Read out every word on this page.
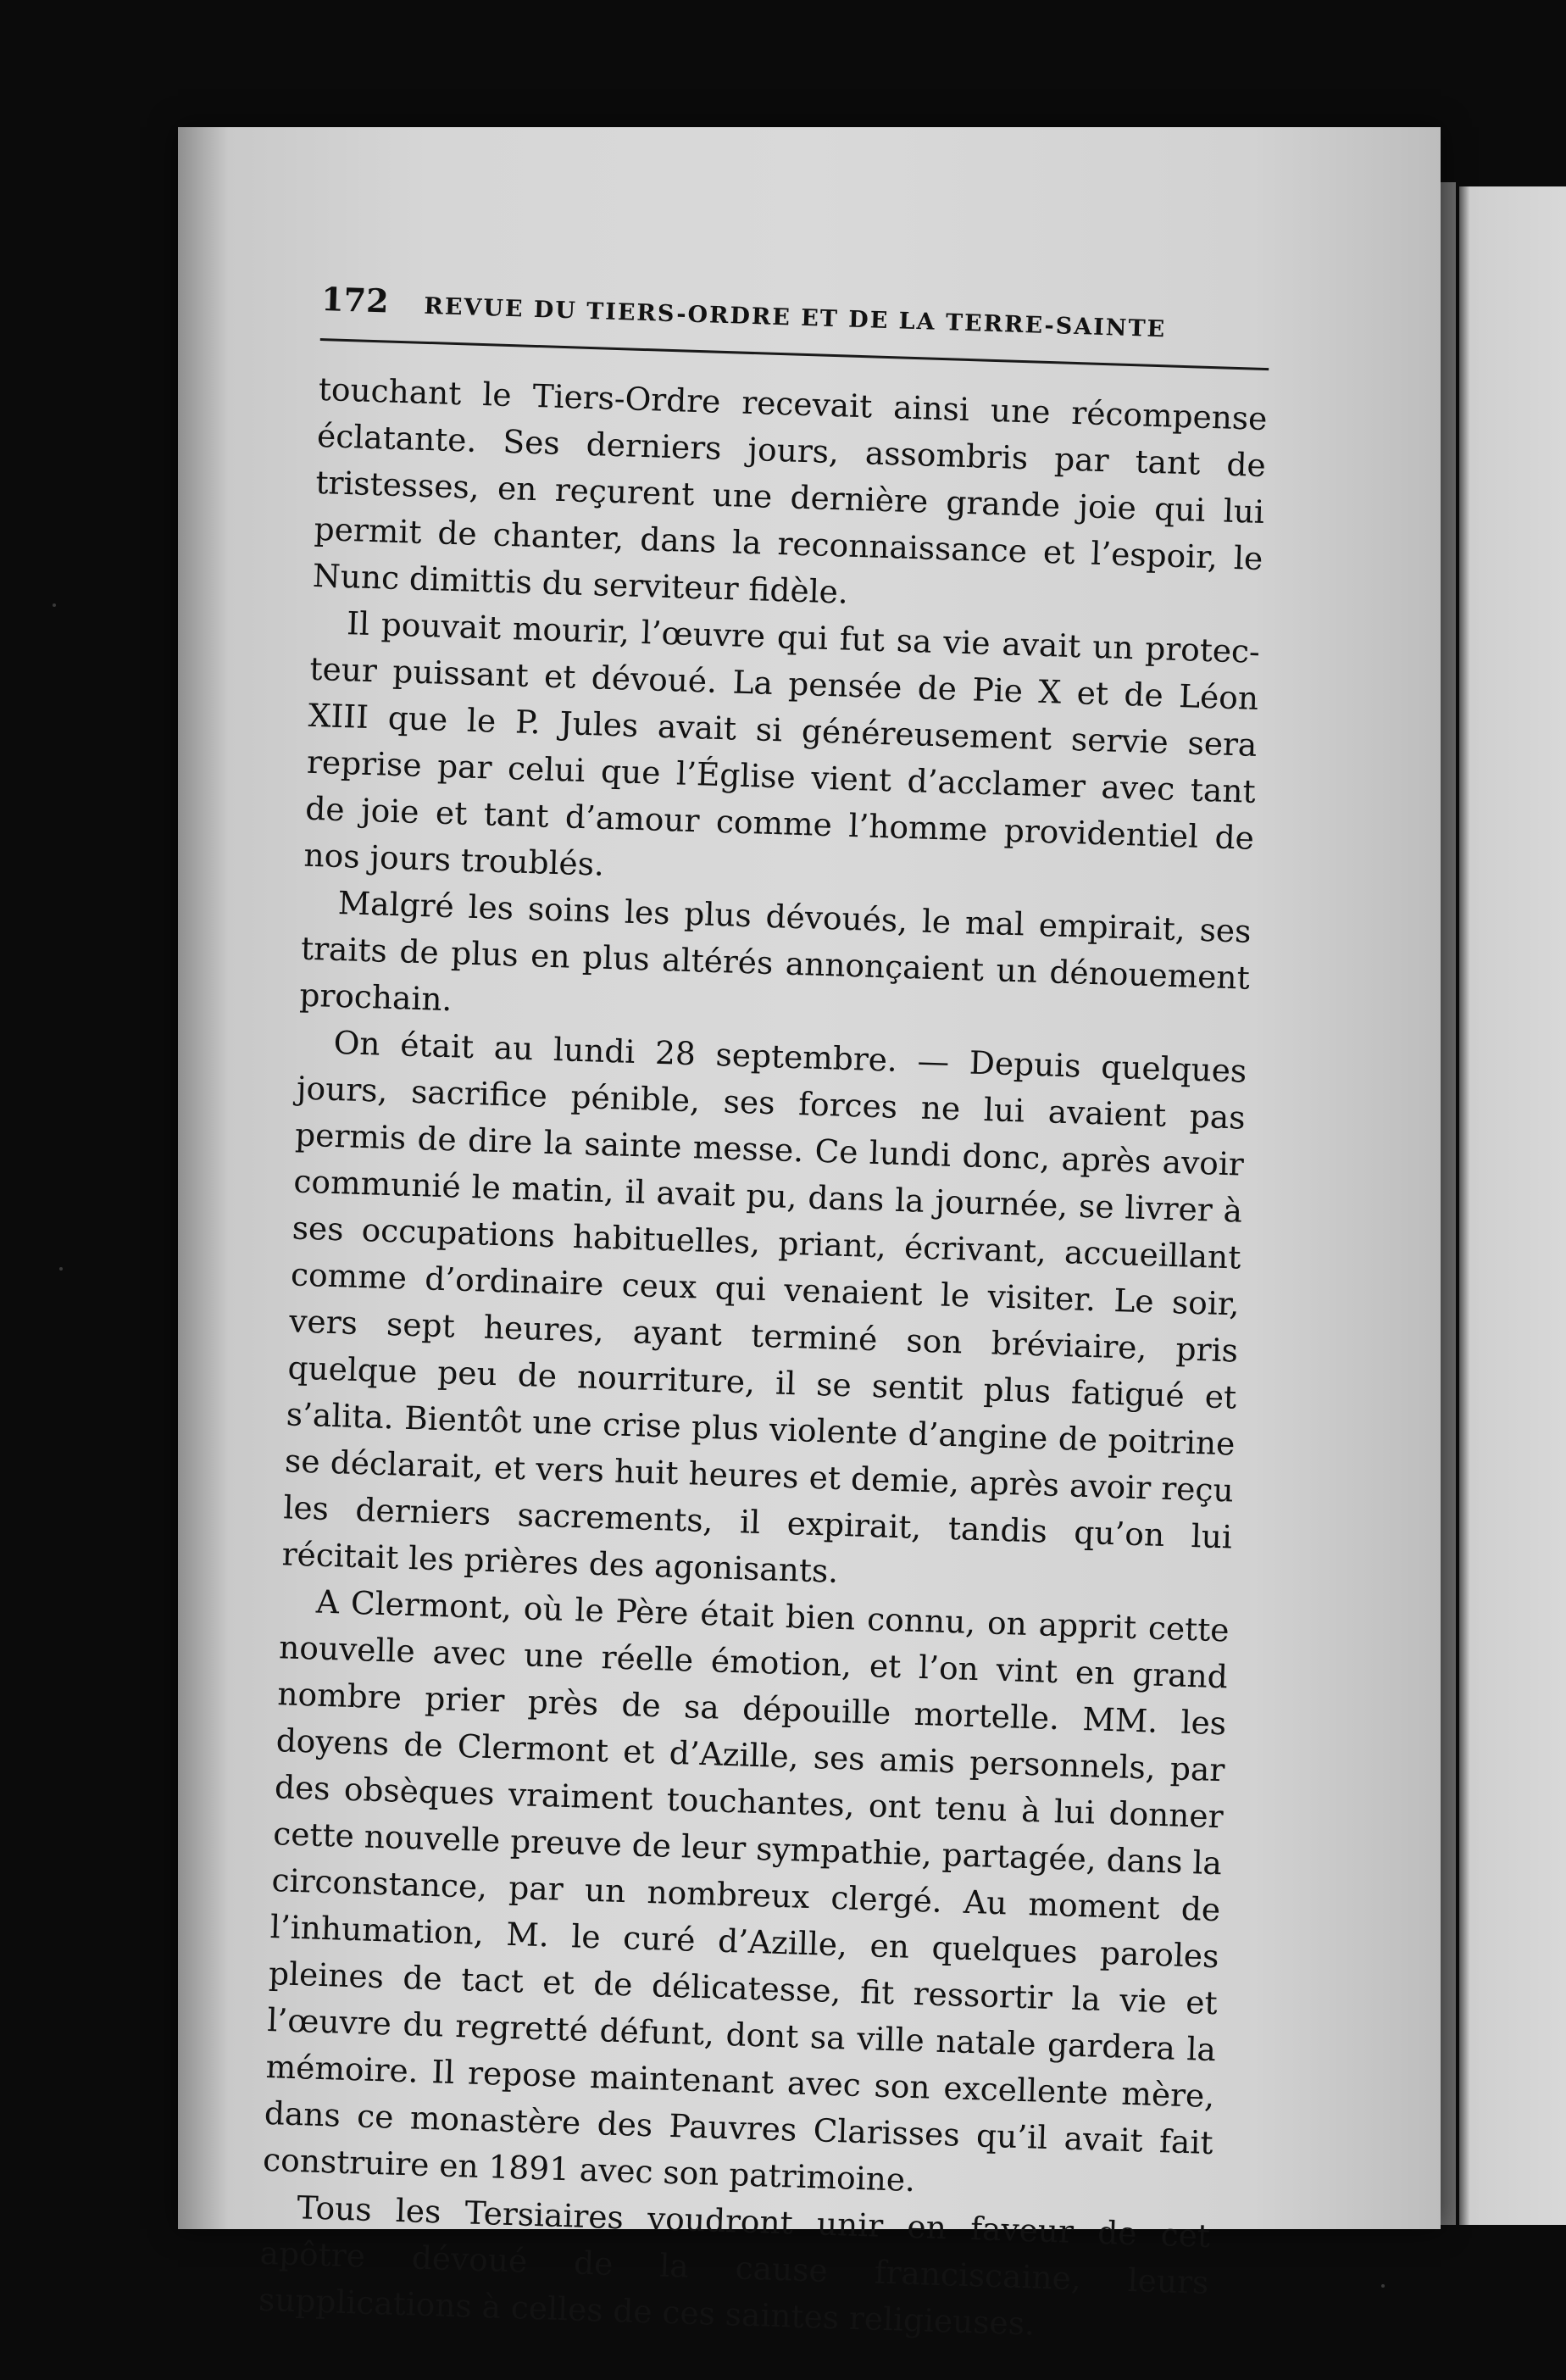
172 REVUE DU TIERS-ORDRE ET DE LA TERRE-SAINTE

touchant le Tiers-Ordre recevait ainsi une récompense éclatante. Ses derniers jours, assombris par tant de tristesses, en reçurent une dernière grande joie qui lui permit de chanter, dans la reconnaissance et l’espoir, le Nunc dimittis du serviteur fidèle.

Il pouvait mourir, l’œuvre qui fut sa vie avait un protecteur puissant et dévoué. La pensée de Pie X et de Léon XIII que le P. Jules avait si généreusement servie sera reprise par celui que l’Église vient d’acclamer avec tant de joie et tant d’amour comme l’homme providentiel de nos jours troublés.

Malgré les soins les plus dévoués, le mal empirait, ses traits de plus en plus altérés annonçaient un dénouement prochain.

On était au lundi 28 septembre. — Depuis quelques jours, sacrifice pénible, ses forces ne lui avaient pas permis de dire la sainte messe. Ce lundi donc, après avoir communié le matin, il avait pu, dans la journée, se livrer à ses occupations habituelles, priant, écrivant, accueillant comme d’ordinaire ceux qui venaient le visiter. Le soir, vers sept heures, ayant terminé son bréviaire, pris quelque peu de nourriture, il se sentit plus fatigué et s’alita. Bientôt une crise plus violente d’angine de poitrine se déclarait, et vers huit heures et demie, après avoir reçu les derniers sacrements, il expirait, tandis qu’on lui récitait les prières des agonisants.

A Clermont, où le Père était bien connu, on apprit cette nouvelle avec une réelle émotion, et l’on vint en grand nombre prier près de sa dépouille mortelle. MM. les doyens de Clermont et d’Azille, ses amis personnels, par des obsèques vraiment touchantes, ont tenu à lui donner cette nouvelle preuve de leur sympathie, partagée, dans la circonstance, par un nombreux clergé. Au moment de l’inhumation, M. le curé d’Azille, en quelques paroles pleines de tact et de délicatesse, fit ressortir la vie et l’œuvre du regretté défunt, dont sa ville natale gardera la mémoire. Il repose maintenant avec son excellente mère, dans ce monastère des Pauvres Clarisses qu’il avait fait construire en 1891 avec son patrimoine.

Tous les Tersiaires voudront unir en faveur de cet apôtre dévoué de la cause franciscaine, leurs supplications à celles de ces saintes religieuses.
